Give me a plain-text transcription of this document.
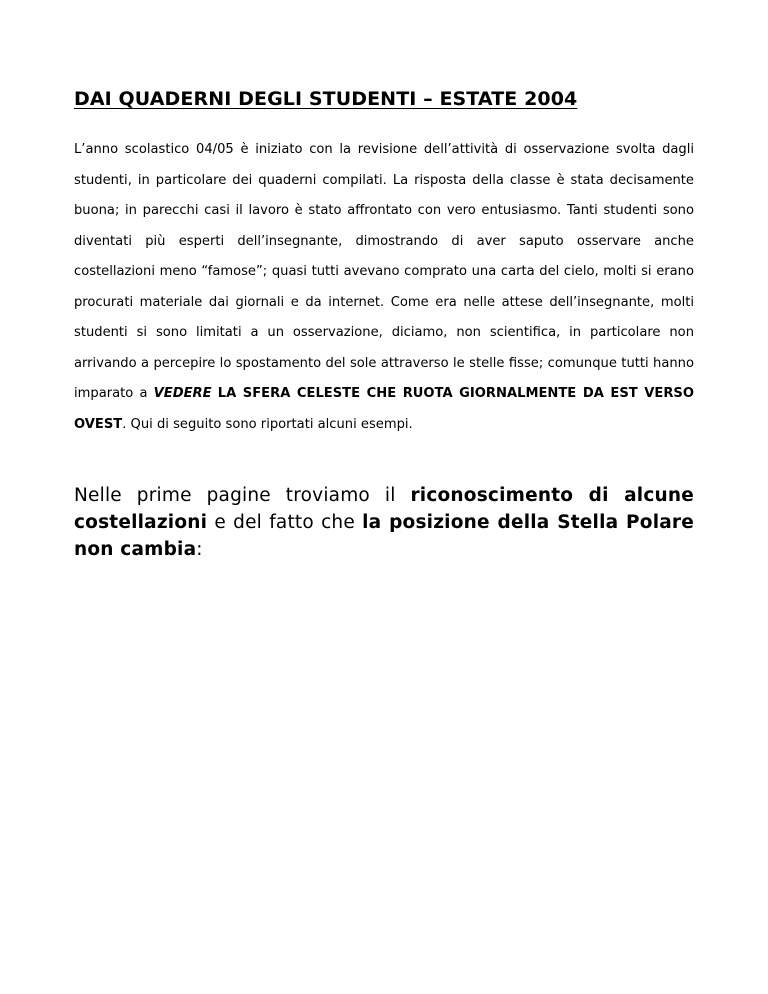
DAI QUADERNI DEGLI STUDENTI – ESTATE 2004

L’anno scolastico 04/05 è iniziato con la revisione dell’attività di osservazione svolta dagli studenti, in particolare dei quaderni compilati. La risposta della classe è stata decisamente buona; in parecchi casi il lavoro è stato affrontato con vero entusiasmo. Tanti studenti sono diventati più esperti dell’insegnante, dimostrando di aver saputo osservare anche costellazioni meno “famose”; quasi tutti avevano comprato una carta del cielo, molti si erano procurati materiale dai giornali e da internet. Come era nelle attese dell’insegnante, molti studenti si sono limitati a un osservazione, diciamo, non scientifica, in particolare non arrivando a percepire lo spostamento del sole attraverso le stelle fisse; comunque tutti hanno imparato a VEDERE LA SFERA CELESTE CHE RUOTA GIORNALMENTE DA EST VERSO OVEST. Qui di seguito sono riportati alcuni esempi.

Nelle prime pagine troviamo il riconoscimento di alcune costellazioni e del fatto che la posizione della Stella Polare non cambia:
